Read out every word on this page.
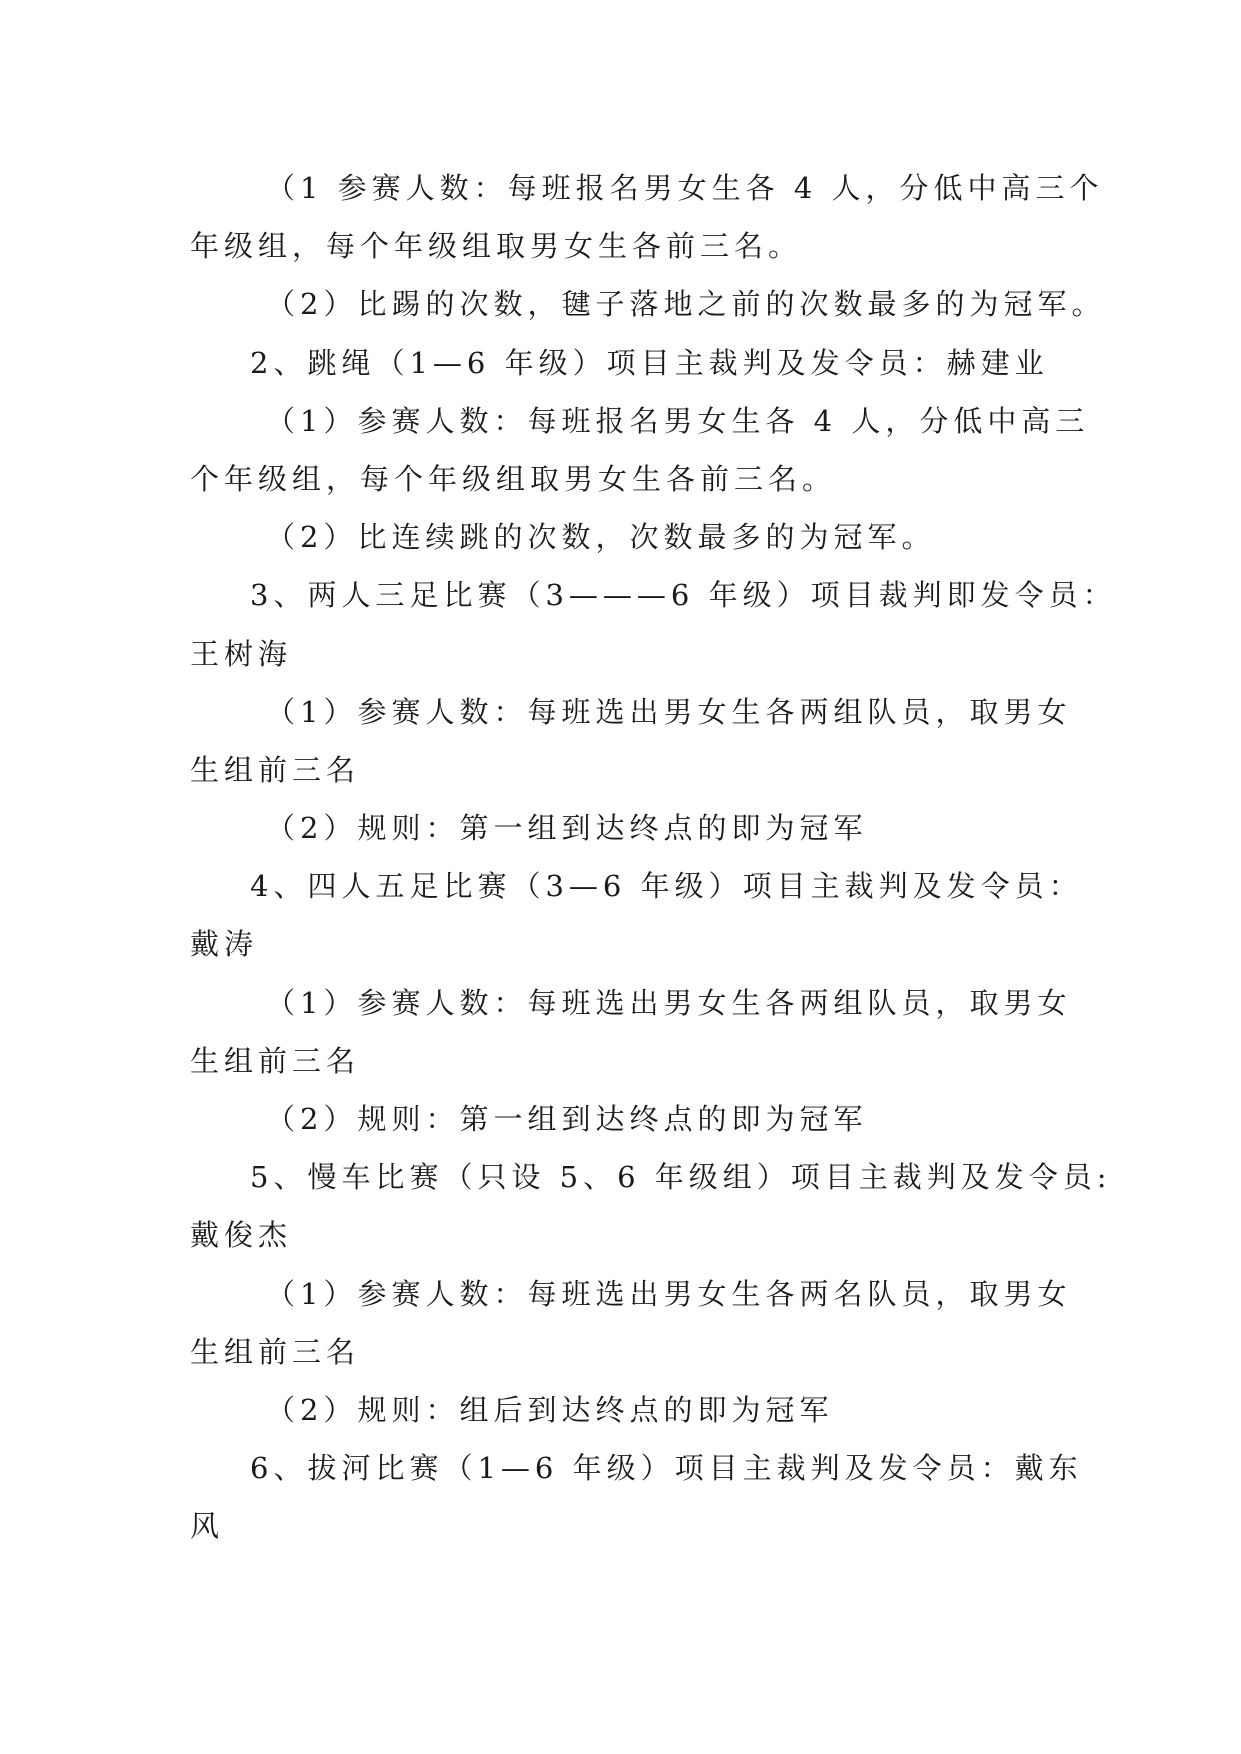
（1 参赛人数：每班报名男女生各 4 人，分低中高三个
年级组，每个年级组取男女生各前三名。
（2）比踢的次数，毽子落地之前的次数最多的为冠军。
2、跳绳（1—6 年级）项目主裁判及发令员：赫建业
（1）参赛人数：每班报名男女生各 4 人，分低中高三
个年级组，每个年级组取男女生各前三名。
（2）比连续跳的次数，次数最多的为冠军。
3、两人三足比赛（3———6 年级）项目裁判即发令员：
王树海
（1）参赛人数：每班选出男女生各两组队员，取男女
生组前三名
（2）规则：第一组到达终点的即为冠军
4、四人五足比赛（3—6 年级）项目主裁判及发令员：
戴涛
（1）参赛人数：每班选出男女生各两组队员，取男女
生组前三名
（2）规则：第一组到达终点的即为冠军
5、慢车比赛（只设 5、6 年级组）项目主裁判及发令员:
戴俊杰
（1）参赛人数：每班选出男女生各两名队员，取男女
生组前三名
（2）规则：组后到达终点的即为冠军
6、拔河比赛（1—6 年级）项目主裁判及发令员：戴东
风
